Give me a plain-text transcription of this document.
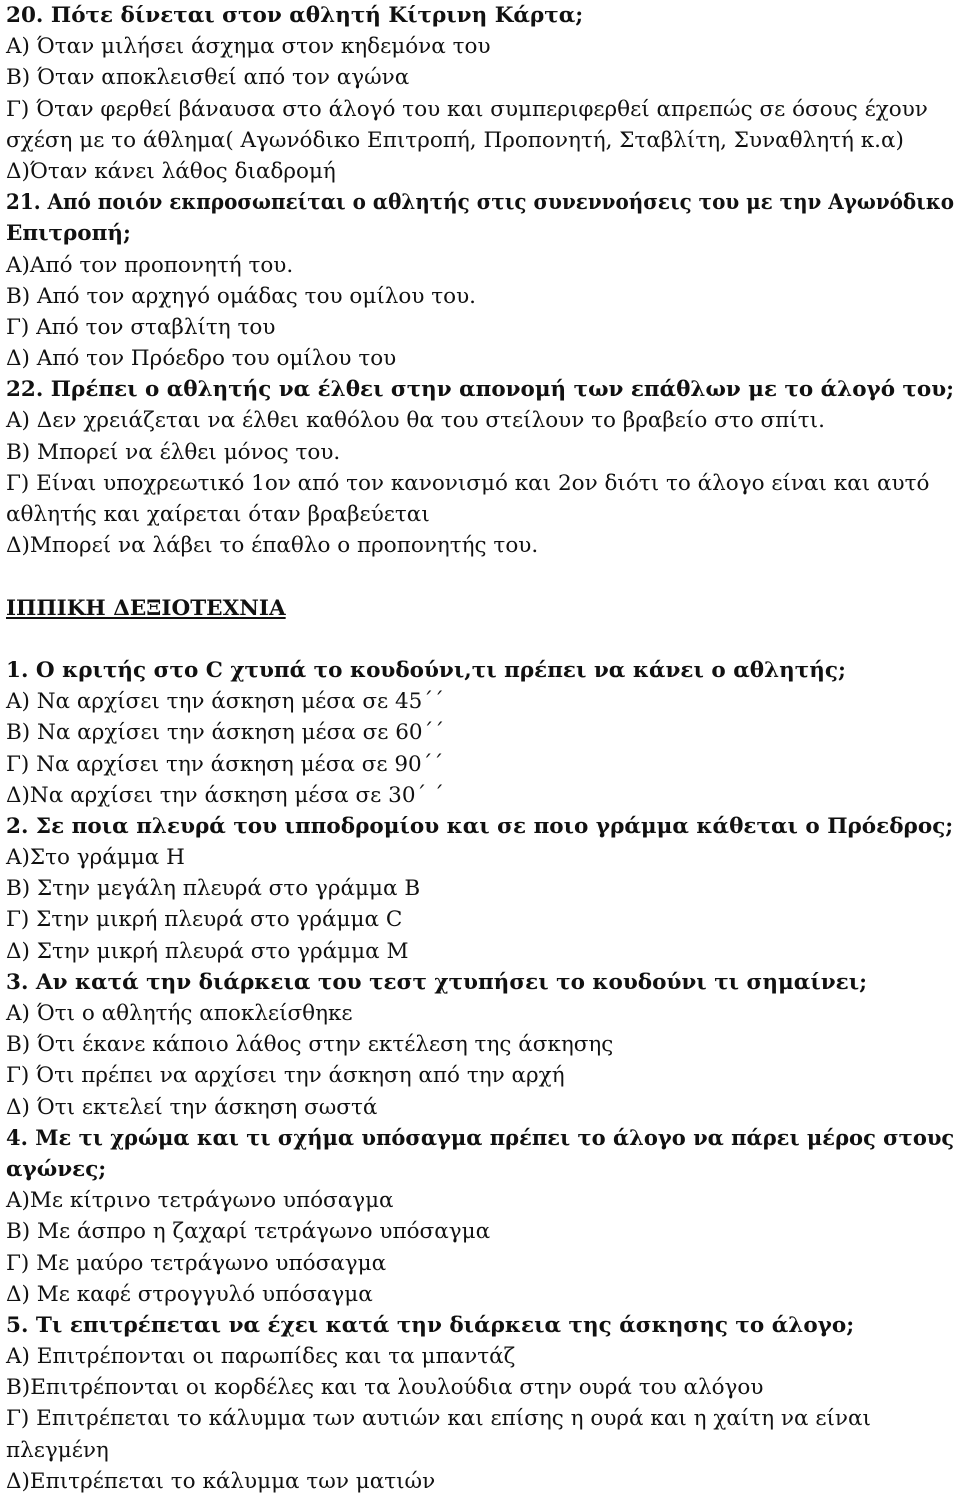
20. Πότε δίνεται στον αθλητή Κίτρινη Κάρτα;
Α) Όταν μιλήσει άσχημα στον κηδεμόνα του
Β) Όταν αποκλεισθεί από τον αγώνα
Γ) Όταν φερθεί βάναυσα στο άλογό του και συμπεριφερθεί απρεπώς σε όσους έχουν
σχέση με το άθλημα( Αγωνόδικο Επιτροπή, Προπονητή, Σταβλίτη, Συναθλητή κ.α)
Δ)Όταν κάνει λάθος διαδρομή
21. Από ποιόν εκπροσωπείται ο αθλητής στις συνεννοήσεις του με την Αγωνόδικο
Επιτροπή;
Α)Από τον προπονητή του.
Β) Από τον αρχηγό ομάδας του ομίλου του.
Γ) Από τον σταβλίτη του
Δ) Από τον Πρόεδρο του ομίλου του
22. Πρέπει ο αθλητής να έλθει στην απονομή των επάθλων με το άλογό του;
Α) Δεν χρειάζεται να έλθει καθόλου θα του στείλουν το βραβείο στο σπίτι.
Β) Μπορεί να έλθει μόνος του.
Γ) Είναι υποχρεωτικό 1ον από τον κανονισμό και 2ον διότι το άλογο είναι και αυτό
αθλητής και χαίρεται όταν βραβεύεται
Δ)Μπορεί να λάβει το έπαθλο ο προπονητής του.
ΙΠΠΙΚΗ ΔΕΞΙΟΤΕΧΝΙΑ
1. Ο κριτής στο C χτυπά το κουδούνι,τι πρέπει να κάνει ο αθλητής;
Α) Να αρχίσει την άσκηση μέσα σε 45΄΄
Β) Να αρχίσει την άσκηση μέσα σε 60΄΄
Γ) Να αρχίσει την άσκηση μέσα σε 90΄΄
Δ)Να αρχίσει την άσκηση μέσα σε 30΄ ΄
2. Σε ποια πλευρά του ιπποδρομίου και σε ποιο γράμμα κάθεται ο Πρόεδρος;
Α)Στο γράμμα Η
Β) Στην μεγάλη πλευρά στο γράμμα Β
Γ) Στην μικρή πλευρά στο γράμμα C
Δ) Στην μικρή πλευρά στο γράμμα Μ
3. Αν κατά την διάρκεια του τεστ χτυπήσει το κουδούνι τι σημαίνει;
Α) Ότι ο αθλητής αποκλείσθηκε
Β) Ότι έκανε κάποιο λάθος στην εκτέλεση της άσκησης
Γ) Ότι πρέπει να αρχίσει την άσκηση από την αρχή
Δ) Ότι εκτελεί την άσκηση σωστά
4. Με τι χρώμα και τι σχήμα υπόσαγμα πρέπει το άλογο να πάρει μέρος στους
αγώνες;
Α)Με κίτρινο τετράγωνο υπόσαγμα
Β) Με άσπρο η ζαχαρί τετράγωνο υπόσαγμα
Γ) Με μαύρο τετράγωνο υπόσαγμα
Δ) Με καφέ στρογγυλό υπόσαγμα
5. Τι επιτρέπεται να έχει κατά την διάρκεια της άσκησης το άλογο;
Α) Επιτρέπονται οι παρωπίδες και τα μπαντάζ
Β)Επιτρέπονται οι κορδέλες και τα λουλούδια στην ουρά του αλόγου
Γ) Επιτρέπεται το κάλυμμα των αυτιών και επίσης η ουρά και η χαίτη να είναι
πλεγμένη
Δ)Επιτρέπεται το κάλυμμα των ματιών
